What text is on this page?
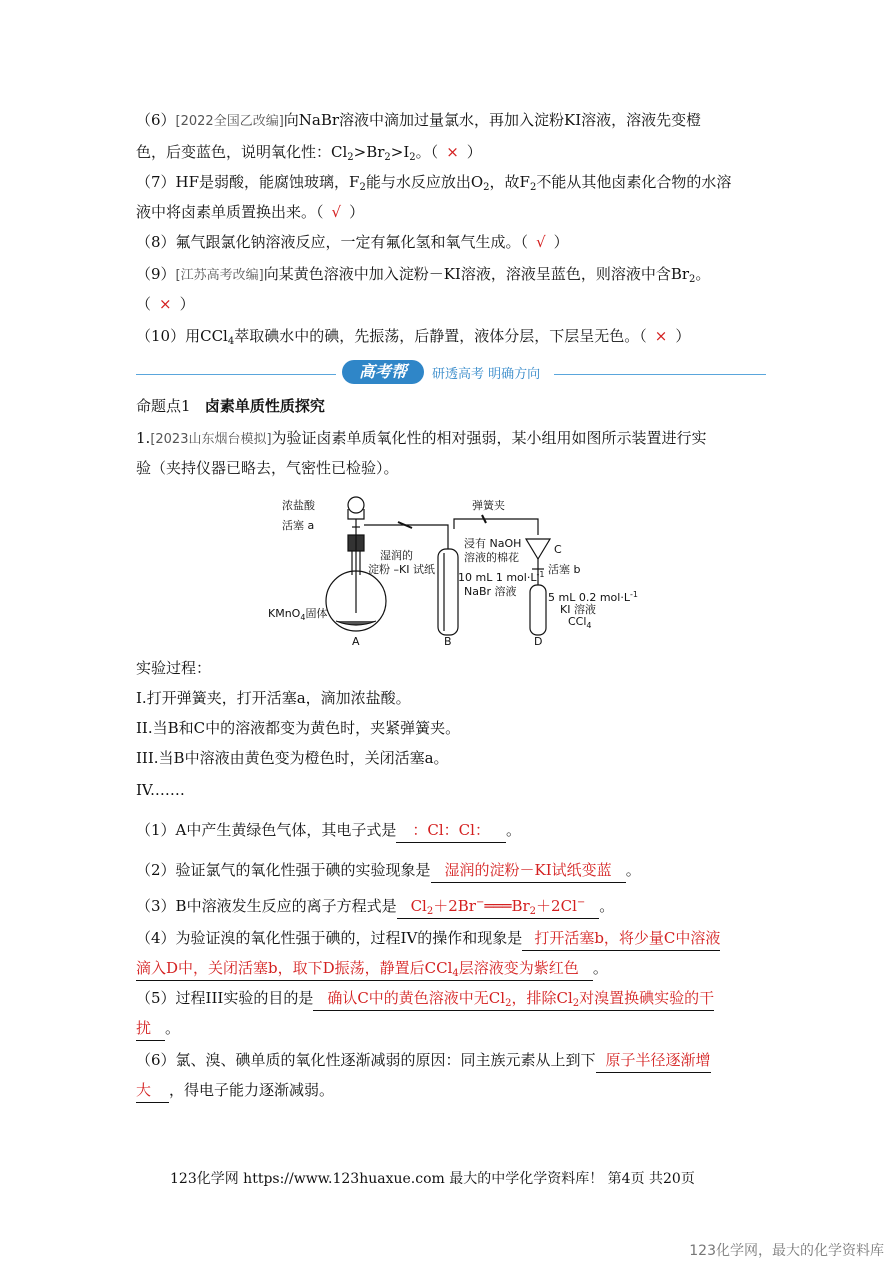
（6）[2022全国乙改编]向NaBr溶液中滴加过量氯水，再加入淀粉KI溶液，溶液先变橙
色，后变蓝色，说明氧化性：$Cl_2>Br_2>I_2$。（ × ）
（7）HF是弱酸，能腐蚀玻璃，$F_2$能与水反应放出$O_2$，故$F_2$不能从其他卤素化合物的水溶
液中将卤素单质置换出来。（ √ ）
（8）氟气跟氯化钠溶液反应，一定有氟化氢和氧气生成。（ √ ）
（9）[江苏高考改编]向某黄色溶液中加入淀粉－KI溶液，溶液呈蓝色，则溶液中含$Br_2$。
（ × ）
（10）用CCl$_4$萃取碘水中的碘，先振荡，后静置，液体分层，下层呈无色。（ × ）
高考帮	研透高考 明确方向
命题点1 卤素单质性质探究
1.[2023山东烟台模拟]为验证卤素单质氧化性的相对强弱，某小组用如图所示装置进行实
验（夹持仪器已略去，气密性已检验）。
浓盐酸
活塞 a
KMnO$_4$固体
湿润的
淀粉 –KI 试纸
弹簧夹
浸有 NaOH
溶液的棉花
10 mL 1 $mol\cdot L^{-1}$
NaBr 溶液
C
活塞 b
5 mL 0.2 $mol\cdot L^{-1}$
KI 溶液
CCl$_4$
A	B	D
实验过程：
I.打开弹簧夹，打开活塞a，滴加浓盐酸。
II.当B和C中的溶液都变为黄色时，夹紧弹簧夹。
III.当B中溶液由黄色变为橙色时，关闭活塞a。
IV.……
（1）A中产生黄绿色气体，其电子式是 ：Cl：Cl： 。
（2）验证氯气的氧化性强于碘的实验现象是 湿润的淀粉－KI试纸变蓝 。
（3）B中溶液发生反应的离子方程式是 $Cl_2+2Br^-═══Br_2+2Cl^-$ 。
（4）为验证溴的氧化性强于碘的，过程IV的操作和现象是 打开活塞b，将少量C中溶液
滴入D中，关闭活塞b，取下D振荡，静置后CCl$_4$层溶液变为紫红色 。
（5）过程III实验的目的是 确认C中的黄色溶液中无$Cl_2$，排除$Cl_2$对溴置换碘实验的干
扰 。
（6）氯、溴、碘单质的氧化性逐渐减弱的原因：同主族元素从上到下 原子半径逐渐增
大 ，得电子能力逐渐减弱。
123化学网 https://www.123huaxue.com 最大的中学化学资料库！ 第4页 共20页
123化学网，最大的化学资料库
